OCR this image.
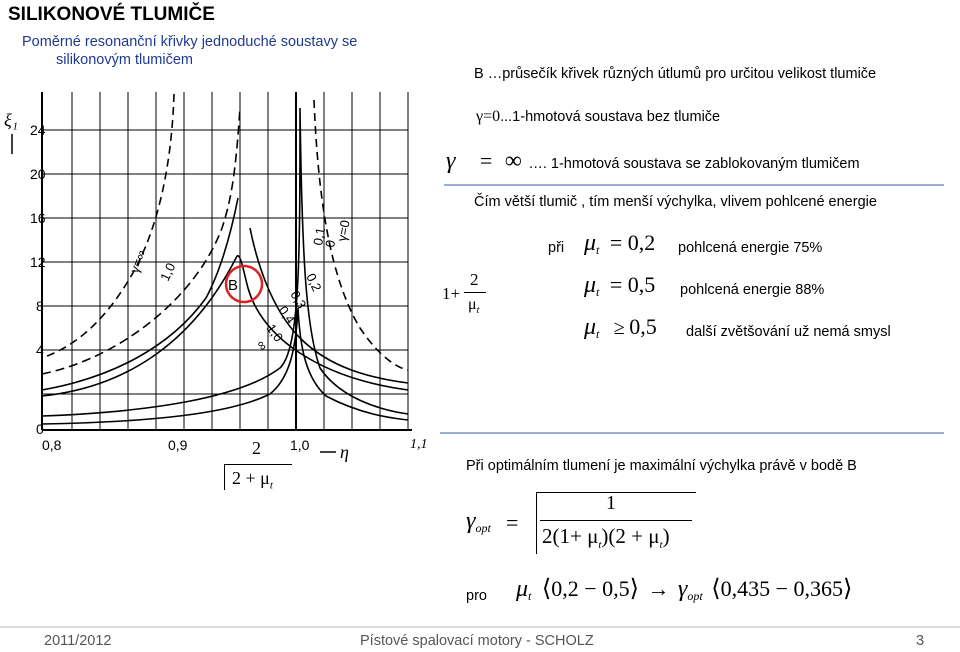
SILIKONOVÉ TLUMIČE
Poměrné resonanční křivky jednoduché soustavy se
silikonovým tlumičem
24
20
16
12
8
4
0
ξ₁
0,8	0,9	1,0	1,1
η
B
γ=∞ 1,0	0,2
0,3
0,4
1,0
∞
0,1
0
γ=0
B …průsečík křivek různých útlumů pro určitou velikost tlumiče
γ=0...1-hmotová soustava bez tlumiče
γ = ∞ …. 1-hmotová soustava se zablokovaným tlumičem
Čím větší tlumič , tím menší výchylka, vlivem pohlcené energie
1+
2
$\mu_t$
při $\mu_t = 0,2$ pohlcená energie 75%
$\mu_t = 0,5$ pohlcená energie 88%
$\mu_t \ge 0,5$ další zvětšování už nemá smysl
2
$2 + \mu_t$
Při optimálním tlumení je maximální výchylka právě v bodě B
$\gamma_{opt}$ =
1
$2(1+ \mu_t)(2 + \mu_t)$
pro $\mu_t$ ⟨0,2 − 0,5⟩ → $\gamma_{opt}$ ⟨0,435 − 0,365⟩
2011/2012	Pístové spalovací motory - SCHOLZ	3
